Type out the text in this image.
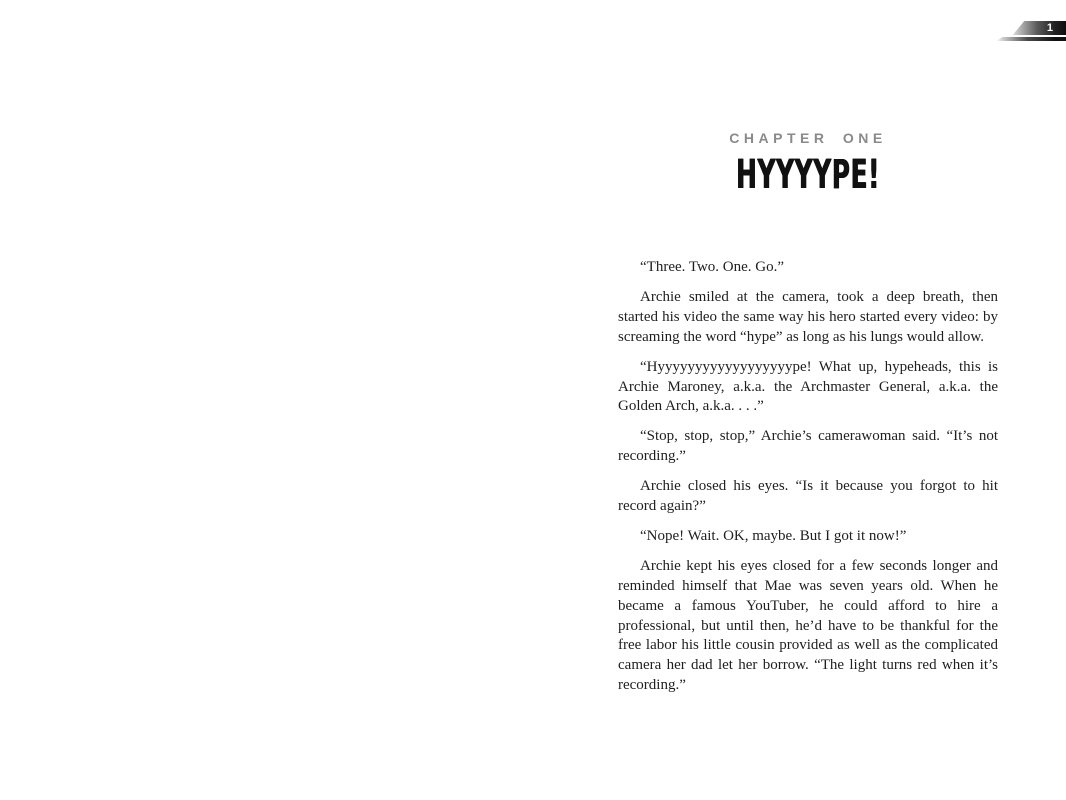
1
CHAPTER ONE
HYYYYPE!

“Three. Two. One. Go.”

Archie smiled at the camera, took a deep breath, then started his video the same way his hero started every video: by screaming the word “hype” as long as his lungs would allow.

“Hyyyyyyyyyyyyyyyyyype! What up, hypeheads, this is Archie Maroney, a.k.a. the Archmaster General, a.k.a. the Golden Arch, a.k.a. . . .”

“Stop, stop, stop,” Archie’s camerawoman said. “It’s not recording.”

Archie closed his eyes. “Is it because you forgot to hit record again?”

“Nope! Wait. OK, maybe. But I got it now!”

Archie kept his eyes closed for a few seconds longer and reminded himself that Mae was seven years old. When he became a famous YouTuber, he could afford to hire a professional, but until then, he’d have to be thankful for the free labor his little cousin provided as well as the complicated camera her dad let her borrow. “The light turns red when it’s recording.”
